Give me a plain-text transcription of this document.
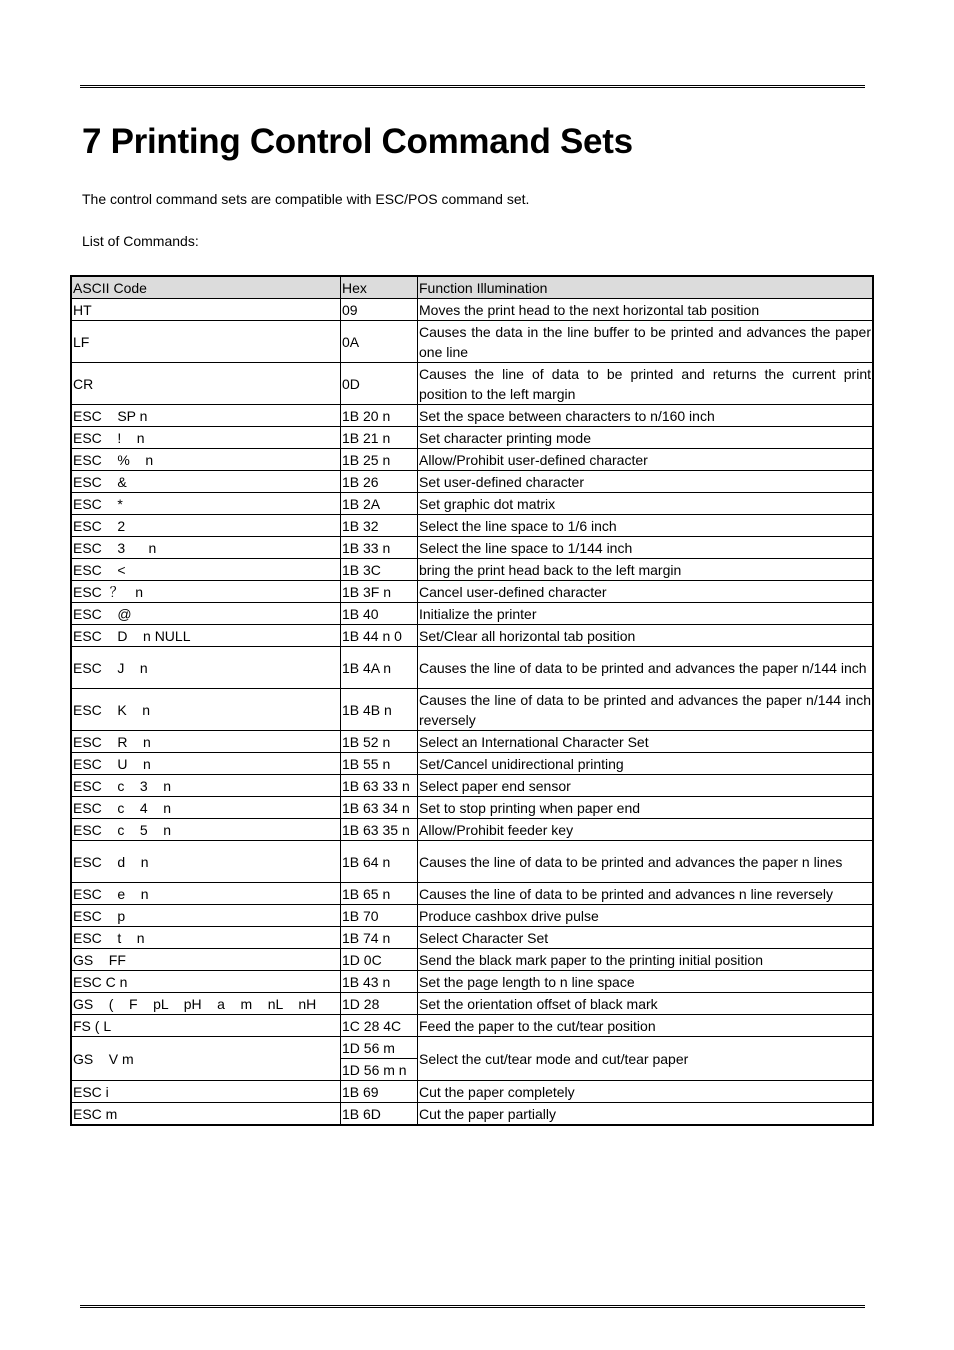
7 Printing Control Command Sets

The control command sets are compatible with ESC/POS command set.

List of Commands:

ASCII Code	Hex	Function Illumination
HT	09	Moves the print head to the next horizontal tab position
LF	0A	Causes the data in the line buffer to be printed and advances the paper one line
CR	0D	Causes the line of data to be printed and returns the current print position to the left margin
ESC    SP n	1B 20 n	Set the space between characters to n/160 inch
ESC    !    n	1B 21 n	Set character printing mode
ESC    %    n	1B 25 n	Allow/Prohibit user-defined character
ESC    &	1B 26	Set user-defined character
ESC    *	1B 2A	Set graphic dot matrix
ESC    2	1B 32	Select the line space to 1/6 inch
ESC    3      n	1B 33 n	Select the line space to 1/144 inch
ESC    <	1B 3C	bring the print head back to the left margin
ESC  ？   n	1B 3F n	Cancel user-defined character
ESC    @	1B 40	Initialize the printer
ESC    D    n NULL	1B 44 n 0	Set/Clear all horizontal tab position
ESC    J    n	1B 4A n	Causes the line of data to be printed and advances the paper n/144 inch
ESC    K    n	1B 4B n	Causes the line of data to be printed and advances the paper n/144 inch reversely
ESC    R    n	1B 52 n	Select an International Character Set
ESC    U    n	1B 55 n	Set/Cancel unidirectional printing
ESC    c    3    n	1B 63 33 n	Select paper end sensor
ESC    c    4    n	1B 63 34 n	Set to stop printing when paper end
ESC    c    5    n	1B 63 35 n	Allow/Prohibit feeder key
ESC    d    n	1B 64 n	Causes the line of data to be printed and advances the paper n lines
ESC    e    n	1B 65 n	Causes the line of data to be printed and advances n line reversely
ESC    p	1B 70	Produce cashbox drive pulse
ESC    t    n	1B 74 n	Select Character Set
GS    FF	1D 0C	Send the black mark paper to the printing initial position
ESC C n	1B 43 n	Set the page length to n line space
GS    (    F    pL    pH    a    m    nL    nH	1D 28	Set the orientation offset of black mark
FS ( L	1C 28 4C	Feed the paper to the cut/tear position
GS    V m	1D 56 m	Select the cut/tear mode and cut/tear paper
	1D 56 m n	
ESC i	1B 69	Cut the paper completely
ESC m	1B 6D	Cut the paper partially
